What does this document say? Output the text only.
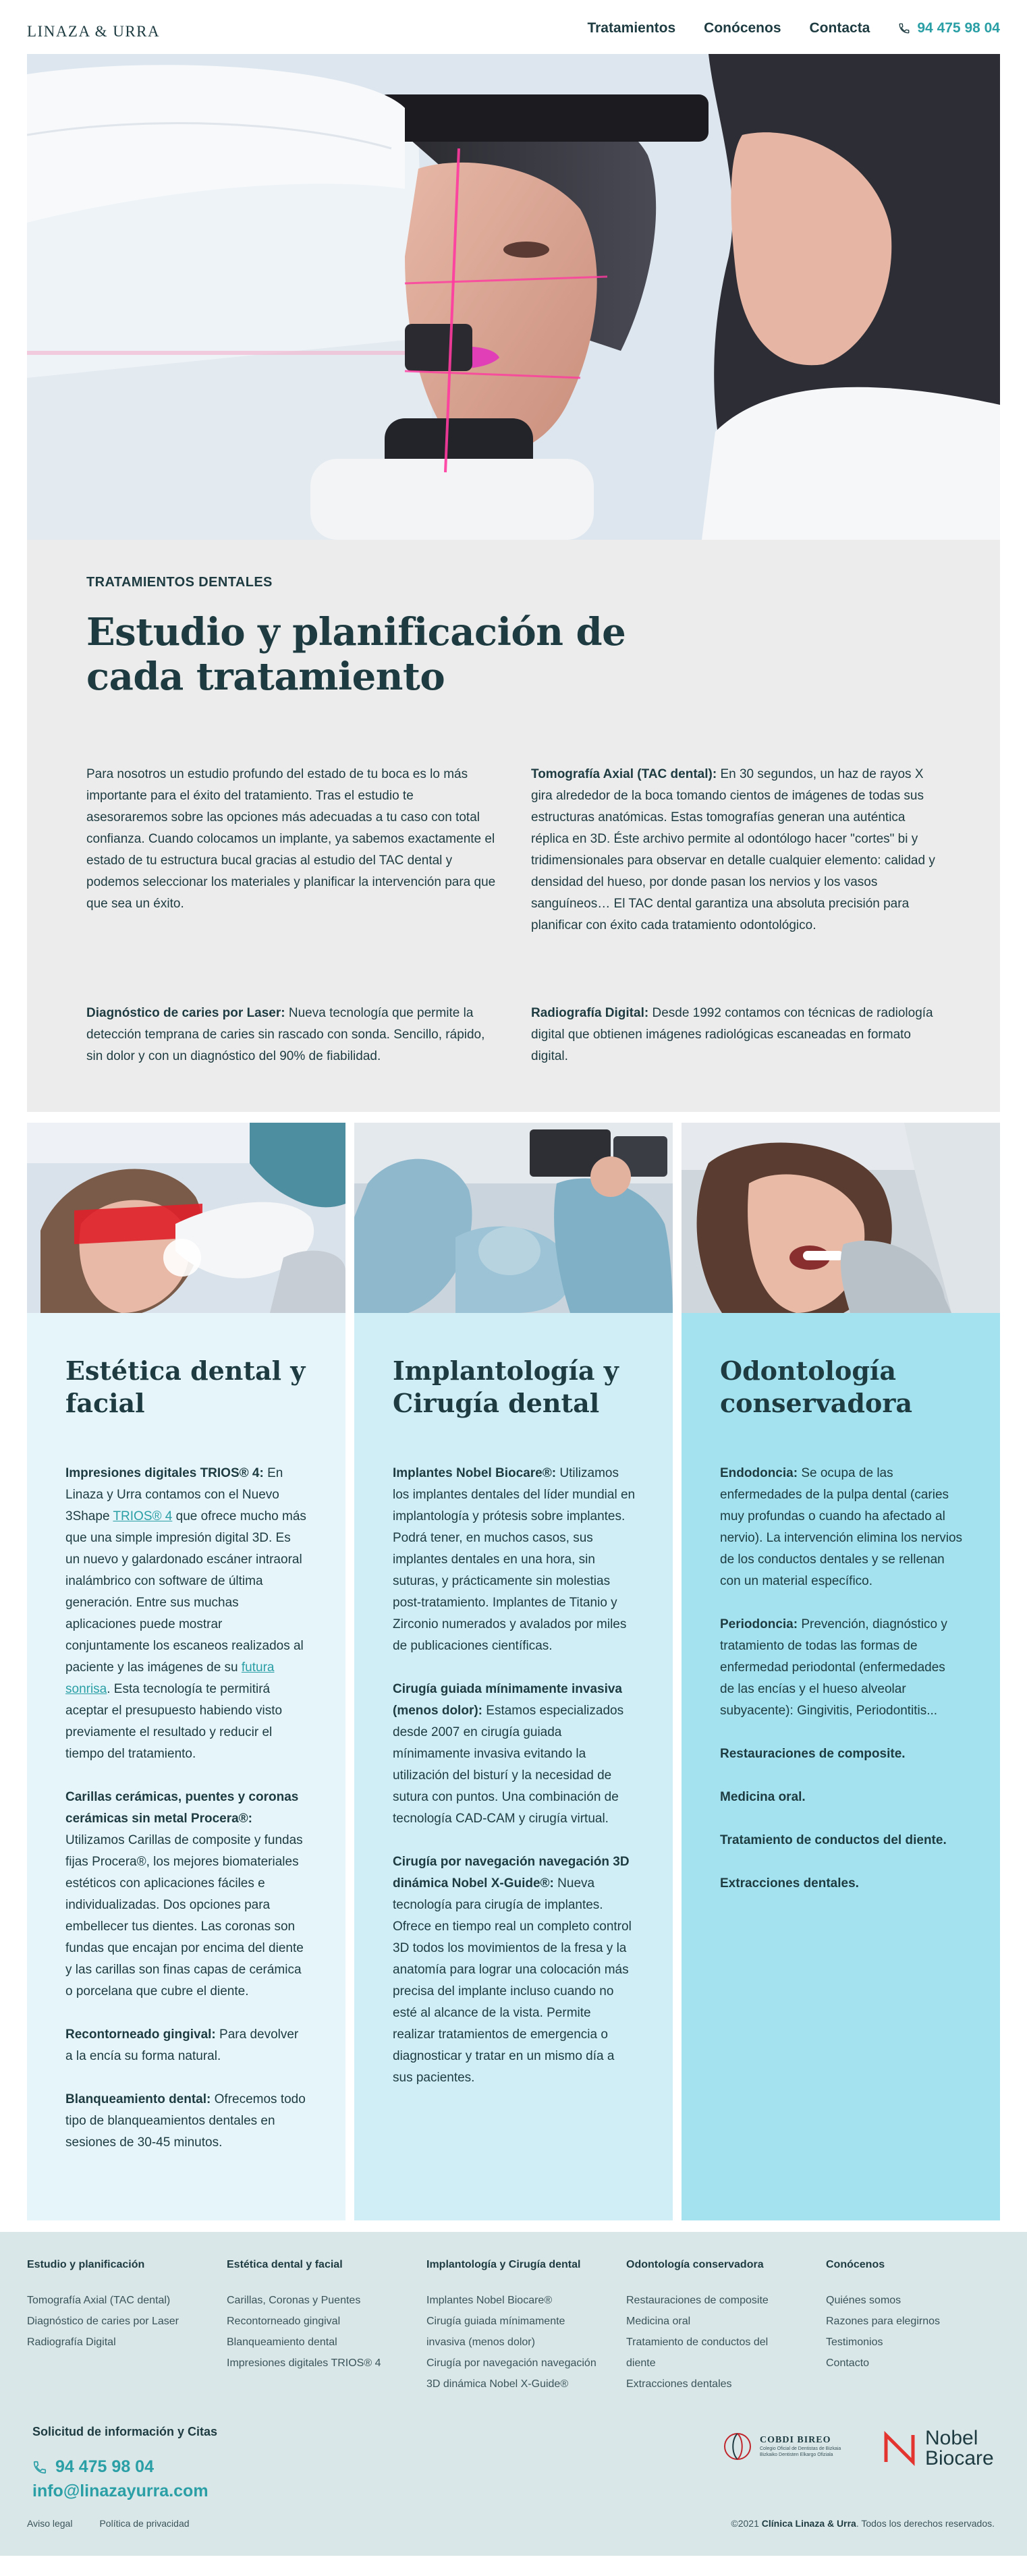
LINAZA & URRA	Tratamientos Conócenos Contacta	94 475 98 04
TRATAMIENTOS DENTALES
Estudio y planificación de cada tratamiento
Para nosotros un estudio profundo del estado de tu boca es lo más importante para el éxito del tratamiento. Tras el estudio te asesoraremos sobre las opciones más adecuadas a tu caso con total confianza. Cuando colocamos un implante, ya sabemos exactamente el estado de tu estructura bucal gracias al estudio del TAC dental y podemos seleccionar los materiales y planificar la intervención para que que sea un éxito.
Tomografía Axial (TAC dental): En 30 segundos, un haz de rayos X gira alrededor de la boca tomando cientos de imágenes de todas sus estructuras anatómicas. Estas tomografías generan una auténtica réplica en 3D. Éste archivo permite al odontólogo hacer "cortes" bi y tridimensionales para observar en detalle cualquier elemento: calidad y densidad del hueso, por donde pasan los nervios y los vasos sanguíneos… El TAC dental garantiza una absoluta precisión para planificar con éxito cada tratamiento odontológico.
Diagnóstico de caries por Laser: Nueva tecnología que permite la detección temprana de caries sin rascado con sonda. Sencillo, rápido, sin dolor y con un diagnóstico del 90% de fiabilidad.
Radiografía Digital: Desde 1992 contamos con técnicas de radiología digital que obtienen imágenes radiológicas escaneadas en formato digital.
Estética dental y facial

Impresiones digitales TRIOS® 4: En Linaza y Urra contamos con el Nuevo 3Shape TRIOS® 4 que ofrece mucho más que una simple impresión digital 3D. Es un nuevo y galardonado escáner intraoral inalámbrico con software de última generación. Entre sus muchas aplicaciones puede mostrar conjuntamente los escaneos realizados al paciente y las imágenes de su futura sonrisa. Esta tecnología te permitirá aceptar el presupuesto habiendo visto previamente el resultado y reducir el tiempo del tratamiento.

Carillas cerámicas, puentes y coronas cerámicas sin metal Procera®: Utilizamos Carillas de composite y fundas fijas Procera®, los mejores biomateriales estéticos con aplicaciones fáciles e individualizadas. Dos opciones para embellecer tus dientes. Las coronas son fundas que encajan por encima del diente y las carillas son finas capas de cerámica o porcelana que cubre el diente.

Recontorneado gingival: Para devolver a la encía su forma natural.

Blanqueamiento dental: Ofrecemos todo tipo de blanqueamientos dentales en sesiones de 30-45 minutos.

Implantología y Cirugía dental

Implantes Nobel Biocare®: Utilizamos los implantes dentales del líder mundial en implantología y prótesis sobre implantes. Podrá tener, en muchos casos, sus implantes dentales en una hora, sin suturas, y prácticamente sin molestias post-tratamiento. Implantes de Titanio y Zirconio numerados y avalados por miles de publicaciones científicas.

Cirugía guiada mínimamente invasiva (menos dolor): Estamos especializados desde 2007 en cirugía guiada mínimamente invasiva evitando la utilización del bisturí y la necesidad de sutura con puntos. Una combinación de tecnología CAD-CAM y cirugía virtual.

Cirugía por navegación navegación 3D dinámica Nobel X-Guide®: Nueva tecnología para cirugía de implantes. Ofrece en tiempo real un completo control 3D todos los movimientos de la fresa y la anatomía para lograr una colocación más precisa del implante incluso cuando no esté al alcance de la vista. Permite realizar tratamientos de emergencia o diagnosticar y tratar en un mismo día a sus pacientes.

Odontología conservadora

Endodoncia: Se ocupa de las enfermedades de la pulpa dental (caries muy profundas o cuando ha afectado al nervio). La intervención elimina los nervios de los conductos dentales y se rellenan con un material específico.

Periodoncia: Prevención, diagnóstico y tratamiento de todas las formas de enfermedad periodontal (enfermedades de las encías y el hueso alveolar subyacente): Gingivitis, Periodontitis...

Restauraciones de composite.

Medicina oral.

Tratamiento de conductos del diente.

Extracciones dentales.

Estudio y planificación
Tomografía Axial (TAC dental)
Diagnóstico de caries por Laser
Radiografía Digital
Estética dental y facial
Carillas, Coronas y Puentes
Recontorneado gingival
Blanqueamiento dental
Impresiones digitales TRIOS® 4
Implantología y Cirugía dental
Implantes Nobel Biocare®
Cirugía guiada mínimamente
invasiva (menos dolor)
Cirugía por navegación navegación
3D dinámica Nobel X-Guide®
Odontología conservadora
Restauraciones de composite
Medicina oral
Tratamiento de conductos del
diente
Extracciones dentales
Conócenos
Quiénes somos
Razones para elegirnos
Testimonios
Contacto
Solicitud de información y Citas
94 475 98 04
info@linazayurra.com
COBDI BIREO
Colegio Oficial de Dentistas de Bizkaia
Bizkaiko Dentisten Elkargo Ofiziala
Nobel
Biocare
Aviso legal	Política de privacidad	©2021 Clínica Linaza & Urra. Todos los derechos reservados.
